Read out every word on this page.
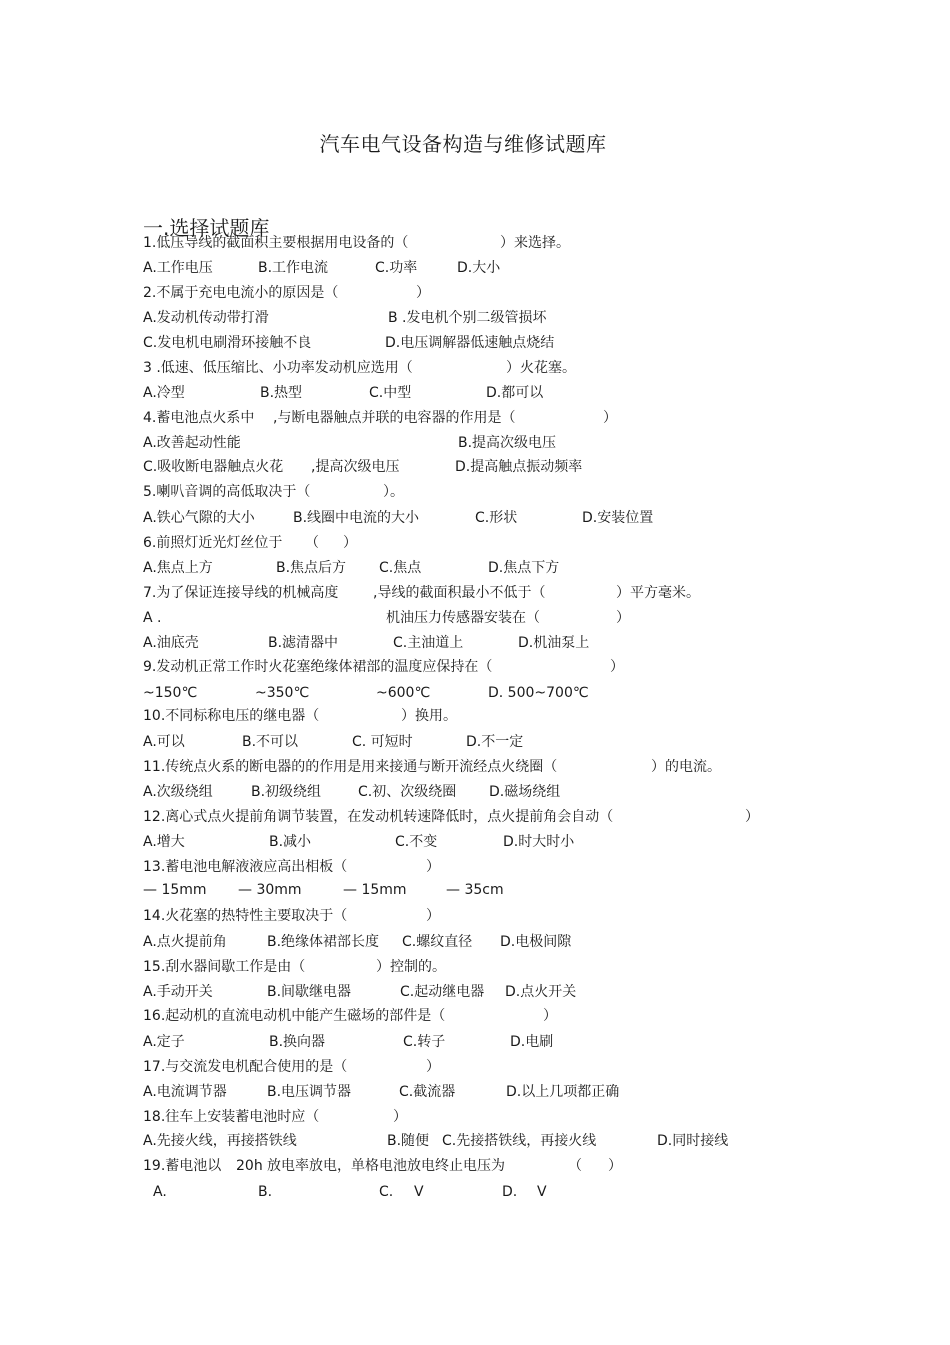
汽车电气设备构造与维修试题库
一.选择试题库
1.低压导线的截面积主要根据用电设备的（	）来选择。
A.工作电压	B.工作电流	C.功率	D.大小
2.不属于充电电流小的原因是（	）
A.发动机传动带打滑	B .发电机个别二级管损坏
C.发电机电刷滑环接触不良	D.电压调解器低速触点烧结
3 .低速、低压缩比、小功率发动机应选用（	）火花塞。
A.冷型	B.热型	C.中型	D.都可以
4.蓄电池点火系中 ,与断电器触点并联的电容器的作用是（	）
A.改善起动性能	B.提高次级电压
C.吸收断电器触点火花 ,提高次级电压	D.提高触点振动频率
5.喇叭音调的高低取决于（	）。
A.铁心气隙的大小	B.线圈中电流的大小	C.形状	D.安装位置
6.前照灯近光灯丝位于 （ ）
A.焦点上方	B.焦点后方 C.焦点	D.焦点下方
7.为了保证连接导线的机械高度 ,导线的截面积最小不低于（	）平方毫米。
A .	机油压力传感器安装在（	）
A.油底壳	B.滤清器中	C.主油道上	D.机油泵上
9.发动机正常工作时火花塞绝缘体裙部的温度应保持在（	）
~150℃	~350℃	~600℃	D. 500~700℃
10.不同标称电压的继电器（	）换用。
A.可以	B.不可以	C. 可短时	D.不一定
11.传统点火系的断电器的的作用是用来接通与断开流经点火绕圈（	）的电流。
A.次级绕组	B.初级绕组	C.初、次级绕圈 D.磁场绕组
12.离心式点火提前角调节装置，在发动机转速降低时，点火提前角会自动（	）
A.增大	B.减小	C.不变	D.时大时小
13.蓄电池电解液液应高出相板（	）
— 15mm — 30mm	— 15mm	— 35cm
14.火花塞的热特性主要取决于（	）
A.点火提前角	B.绝缘体裙部长度 C.螺纹直径 D.电极间隙
15.刮水器间歇工作是由（	）控制的。
A.手动开关	B.间歇继电器	C.起动继电器 D.点火开关
16.起动机的直流电动机中能产生磁场的部件是（	）
A.定子	B.换向器	C.转子	D.电刷
17.与交流发电机配合使用的是（	）
A.电流调节器	B.电压调节器	C.截流器	D.以上几项都正确
18.往车上安装蓄电池时应（	）
A.先接火线，再接搭铁线	B.随便 C.先接搭铁线，再接火线	D.同时接线
19.蓄电池以 20h 放电率放电，单格电池放电终止电压为	（ ）
A.	B.	C. V	D. V
